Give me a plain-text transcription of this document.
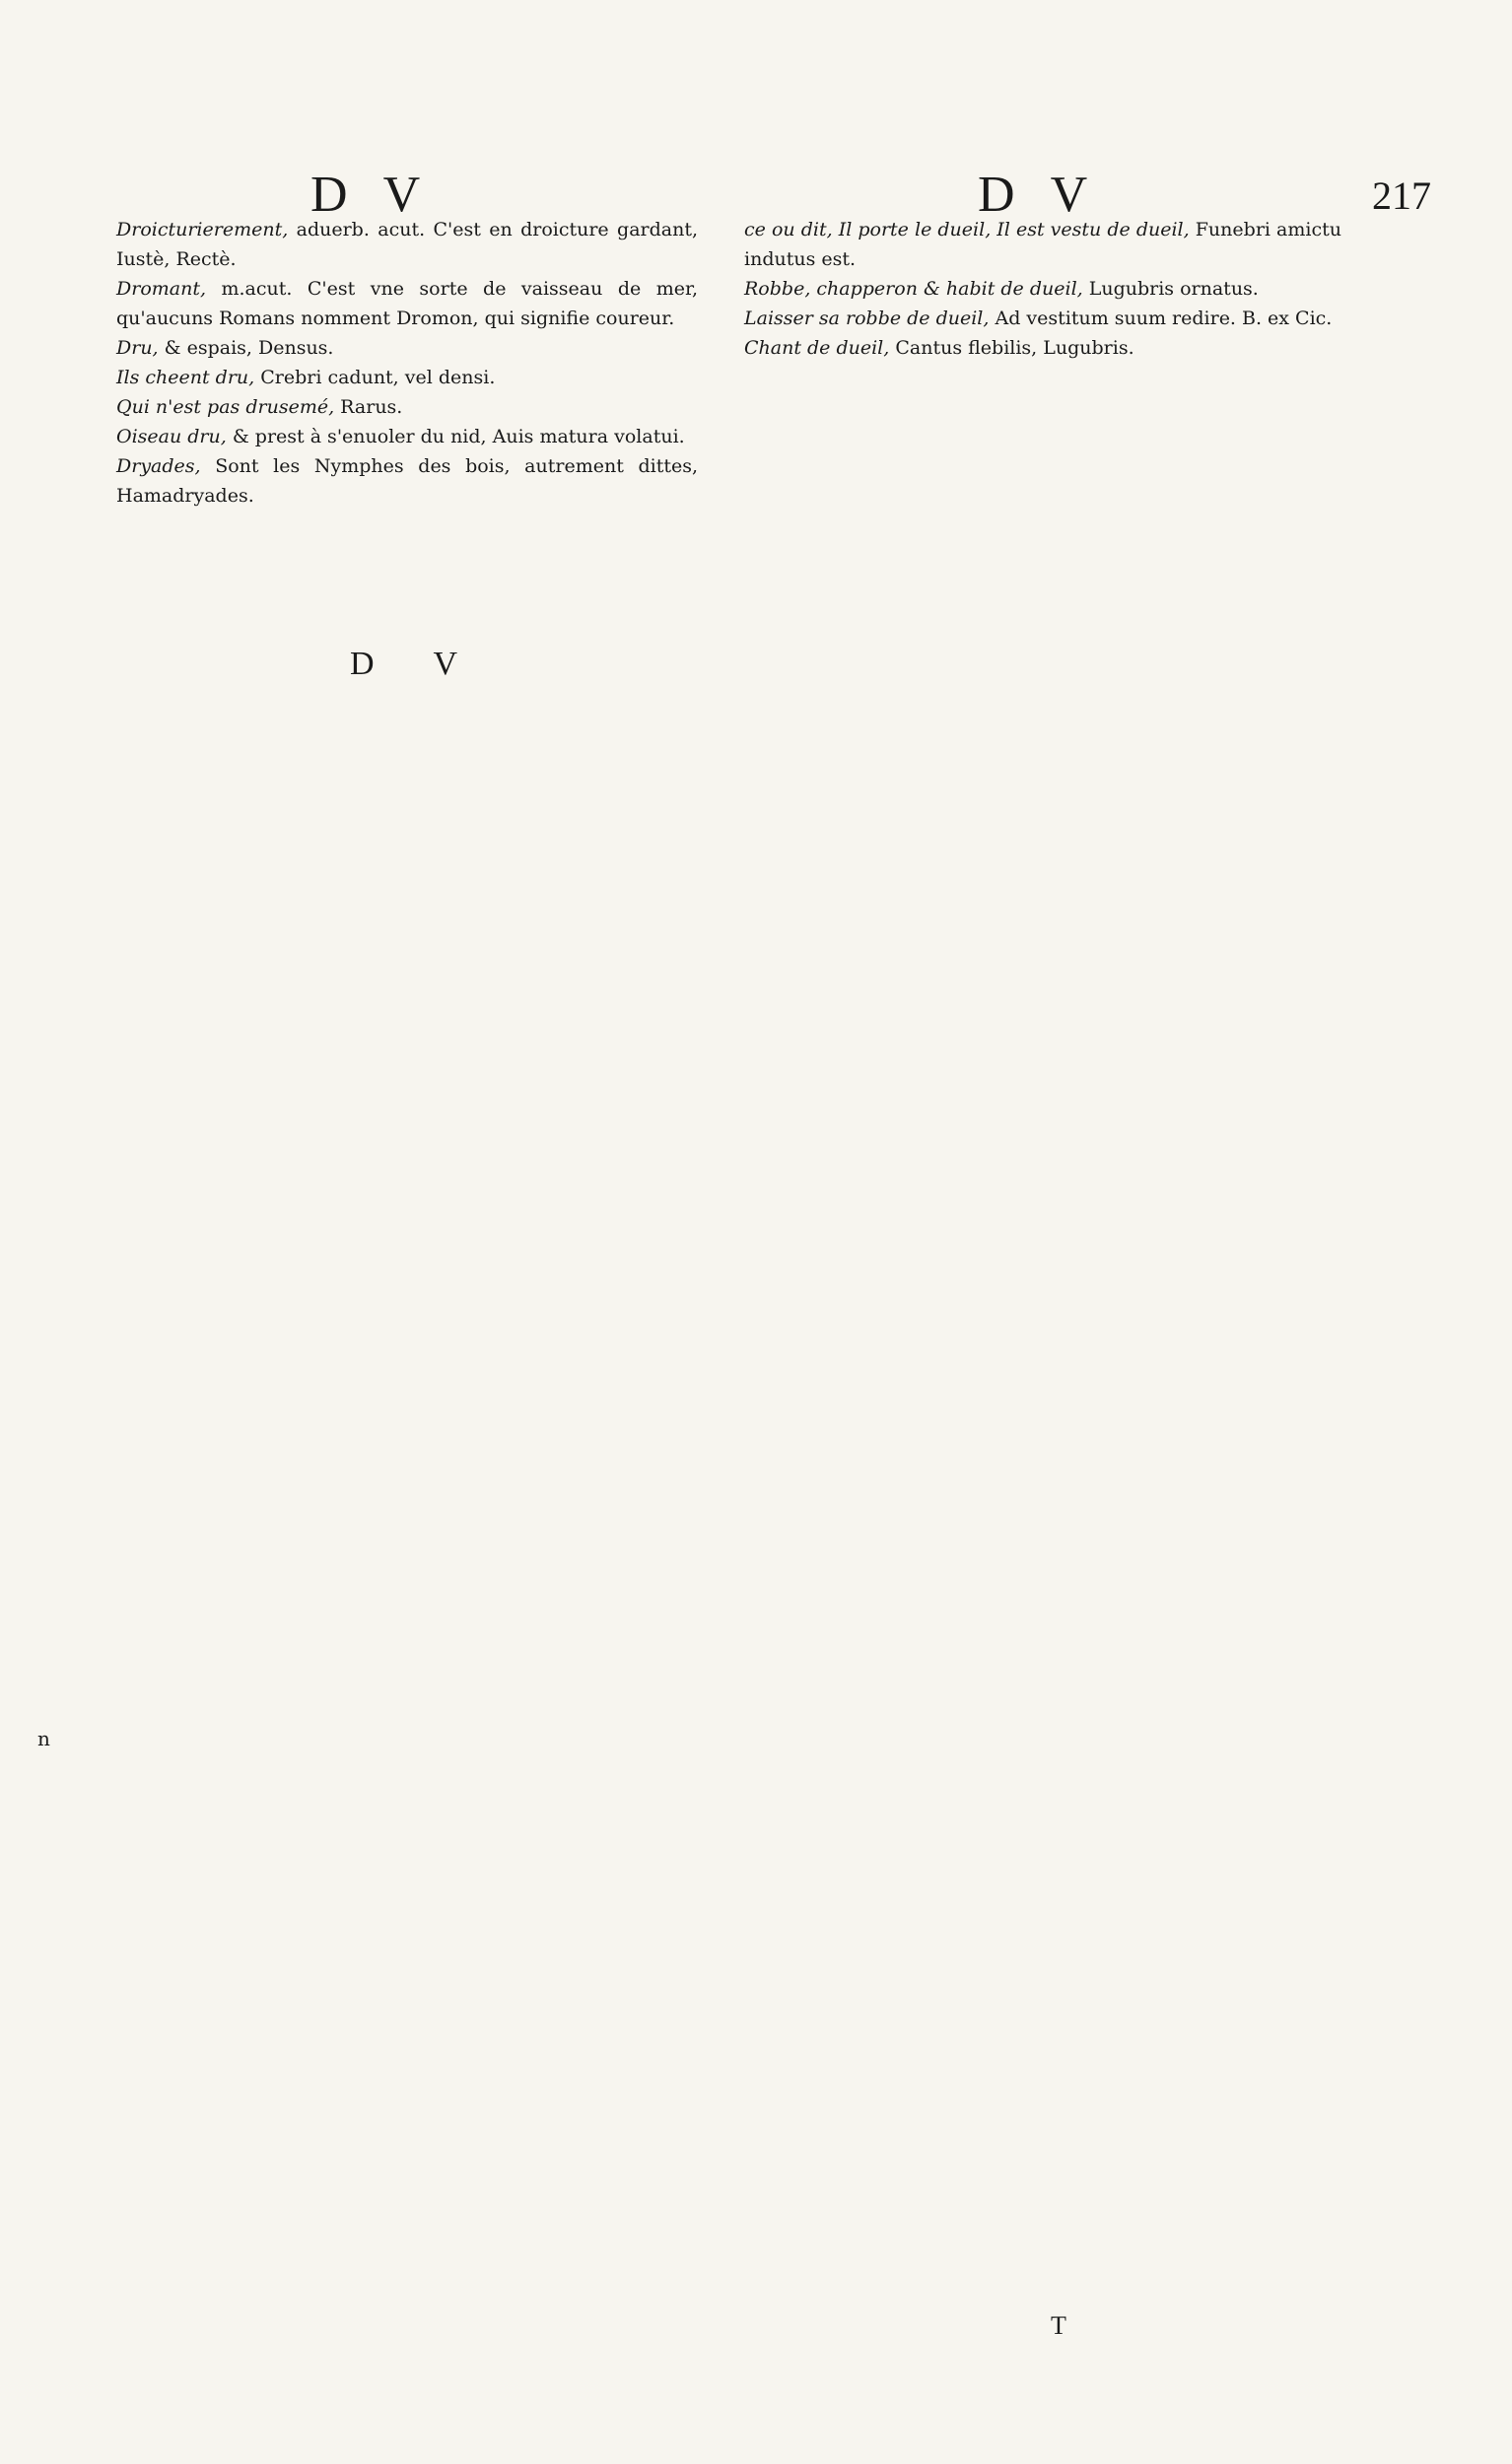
D V	D V	217

Droicturierement, aduerb. acut. C'est en droicture gardant, Iustè, Rectè.

Dromant, m.acut. C'est vne sorte de vaisseau de mer, qu'aucuns Romans nomment Dromon, qui signifie coureur.

Dru, & espais, Densus.

Ils cheent dru, Crebri cadunt, vel densi.

Qui n'est pas drusemé, Rarus.

Oiseau dru, & prest à s'enuoler du nid, Auis matura volatui.

Dryades, Sont les Nymphes des bois, autrement dittes, Hamadryades.

ce ou dit, Il porte le dueil, Il est vestu de dueil, Funebri amictu indutus est.

Robbe, chapperon & habit de dueil, Lugubris ornatus.

Laisser sa robbe de dueil, Ad vestitum suum redire. B. ex Cic.

Chant de dueil, Cantus flebilis, Lugubris.

D V
n
T
